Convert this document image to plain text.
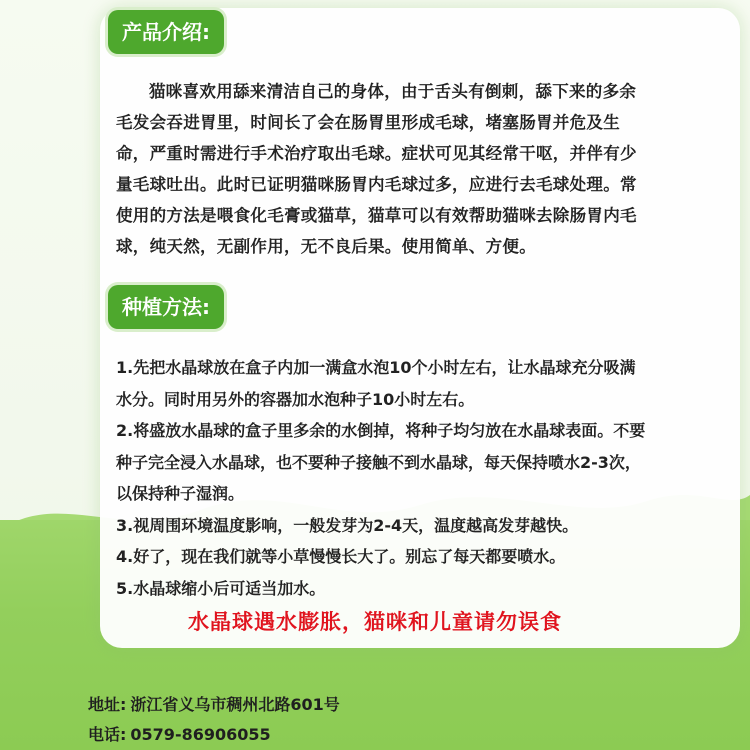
产品介绍:

猫咪喜欢用舔来清洁自己的身体，由于舌头有倒刺，舔下来的多余毛发会吞进胃里，时间长了会在肠胃里形成毛球，堵塞肠胃并危及生命，严重时需进行手术治疗取出毛球。症状可见其经常干呕，并伴有少量毛球吐出。此时已证明猫咪肠胃内毛球过多，应进行去毛球处理。常使用的方法是喂食化毛膏或猫草，猫草可以有效帮助猫咪去除肠胃内毛球，纯天然，无副作用，无不良后果。使用简单、方便。

种植方法:
1.先把水晶球放在盒子内加一满盒水泡10个小时左右，让水晶球充分吸满水分。同时用另外的容器加水泡种子10小时左右。
2.将盛放水晶球的盒子里多余的水倒掉，将种子均匀放在水晶球表面。不要种子完全浸入水晶球，也不要种子接触不到水晶球，每天保持喷水2-3次，以保持种子湿润。
3.视周围环境温度影响，一般发芽为2-4天，温度越高发芽越快。
4.好了，现在我们就等小草慢慢长大了。别忘了每天都要喷水。
5.水晶球缩小后可适当加水。
水晶球遇水膨胀，猫咪和儿童请勿误食
地址: 浙江省义乌市稠州北路601号
电话: 0579-86906055
